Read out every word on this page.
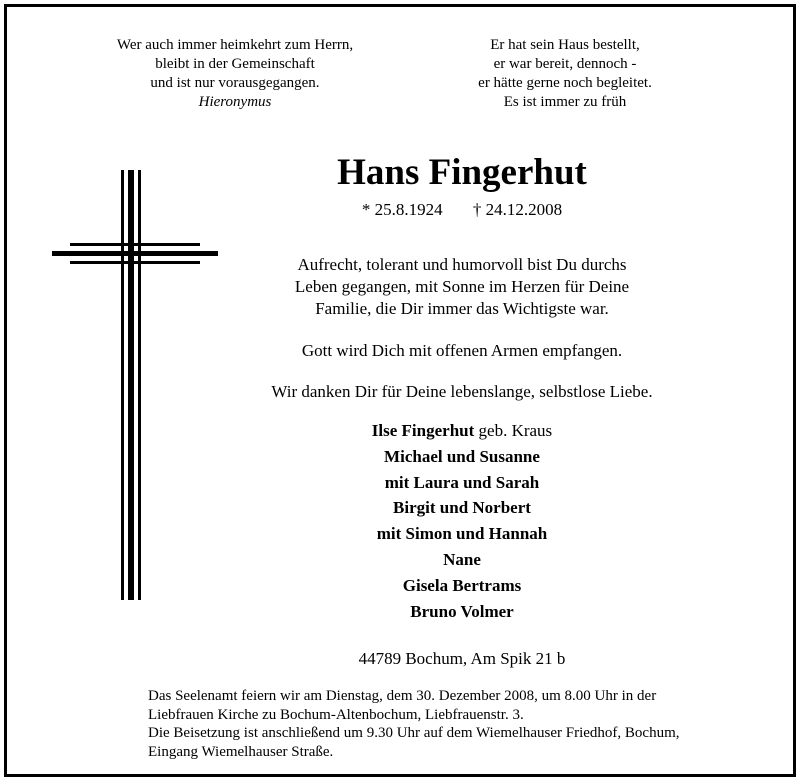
Wer auch immer heimkehrt zum Herrn,
bleibt in der Gemeinschaft
und ist nur vorausgegangen.
Hieronymus
Er hat sein Haus bestellt,
er war bereit, dennoch -
er hätte gerne noch begleitet.
Es ist immer zu früh
Hans Fingerhut
* 25.8.1924 † 24.12.2008
Aufrecht, tolerant und humorvoll bist Du durchs
Leben gegangen, mit Sonne im Herzen für Deine
Familie, die Dir immer das Wichtigste war.
Gott wird Dich mit offenen Armen empfangen.
Wir danken Dir für Deine lebenslange, selbstlose Liebe.
Ilse Fingerhut geb. Kraus
Michael und Susanne
mit Laura und Sarah
Birgit und Norbert
mit Simon und Hannah
Nane
Gisela Bertrams
Bruno Volmer
44789 Bochum, Am Spik 21 b
Das Seelenamt feiern wir am Dienstag, dem 30. Dezember 2008, um 8.00 Uhr in der
Liebfrauen Kirche zu Bochum-Altenbochum, Liebfrauenstr. 3.
Die Beisetzung ist anschließend um 9.30 Uhr auf dem Wiemelhauser Friedhof, Bochum,
Eingang Wiemelhauser Straße.
